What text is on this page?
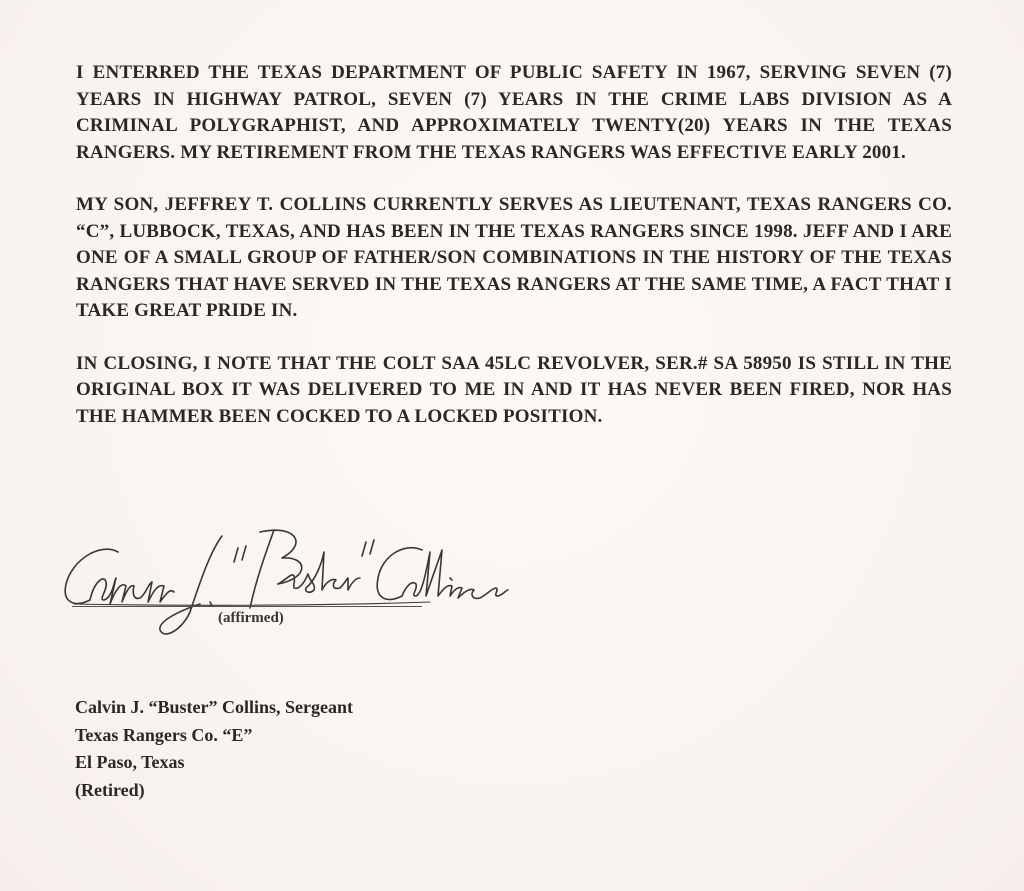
I ENTERRED THE TEXAS DEPARTMENT OF PUBLIC SAFETY IN 1967, SERVING SEVEN (7) YEARS IN HIGHWAY PATROL, SEVEN (7) YEARS IN THE CRIME LABS DIVISION AS A CRIMINAL POLYGRAPHIST, AND APPROXIMATELY TWENTY(20) YEARS IN THE TEXAS RANGERS. MY RETIREMENT FROM THE TEXAS RANGERS WAS EFFECTIVE EARLY 2001.

MY SON, JEFFREY T. COLLINS CURRENTLY SERVES AS LIEUTENANT, TEXAS RANGERS CO. “C”, LUBBOCK, TEXAS, AND HAS BEEN IN THE TEXAS RANGERS SINCE 1998. JEFF AND I ARE ONE OF A SMALL GROUP OF FATHER/SON COMBINATIONS IN THE HISTORY OF THE TEXAS RANGERS THAT HAVE SERVED IN THE TEXAS RANGERS AT THE SAME TIME, A FACT THAT I TAKE GREAT PRIDE IN.

IN CLOSING, I NOTE THAT THE COLT SAA 45LC REVOLVER, SER.# SA 58950 IS STILL IN THE ORIGINAL BOX IT WAS DELIVERED TO ME IN AND IT HAS NEVER BEEN FIRED, NOR HAS THE HAMMER BEEN COCKED TO A LOCKED POSITION.

(affirmed)
Calvin J. “Buster” Collins, Sergeant
Texas Rangers Co. “E”
El Paso, Texas
(Retired)
